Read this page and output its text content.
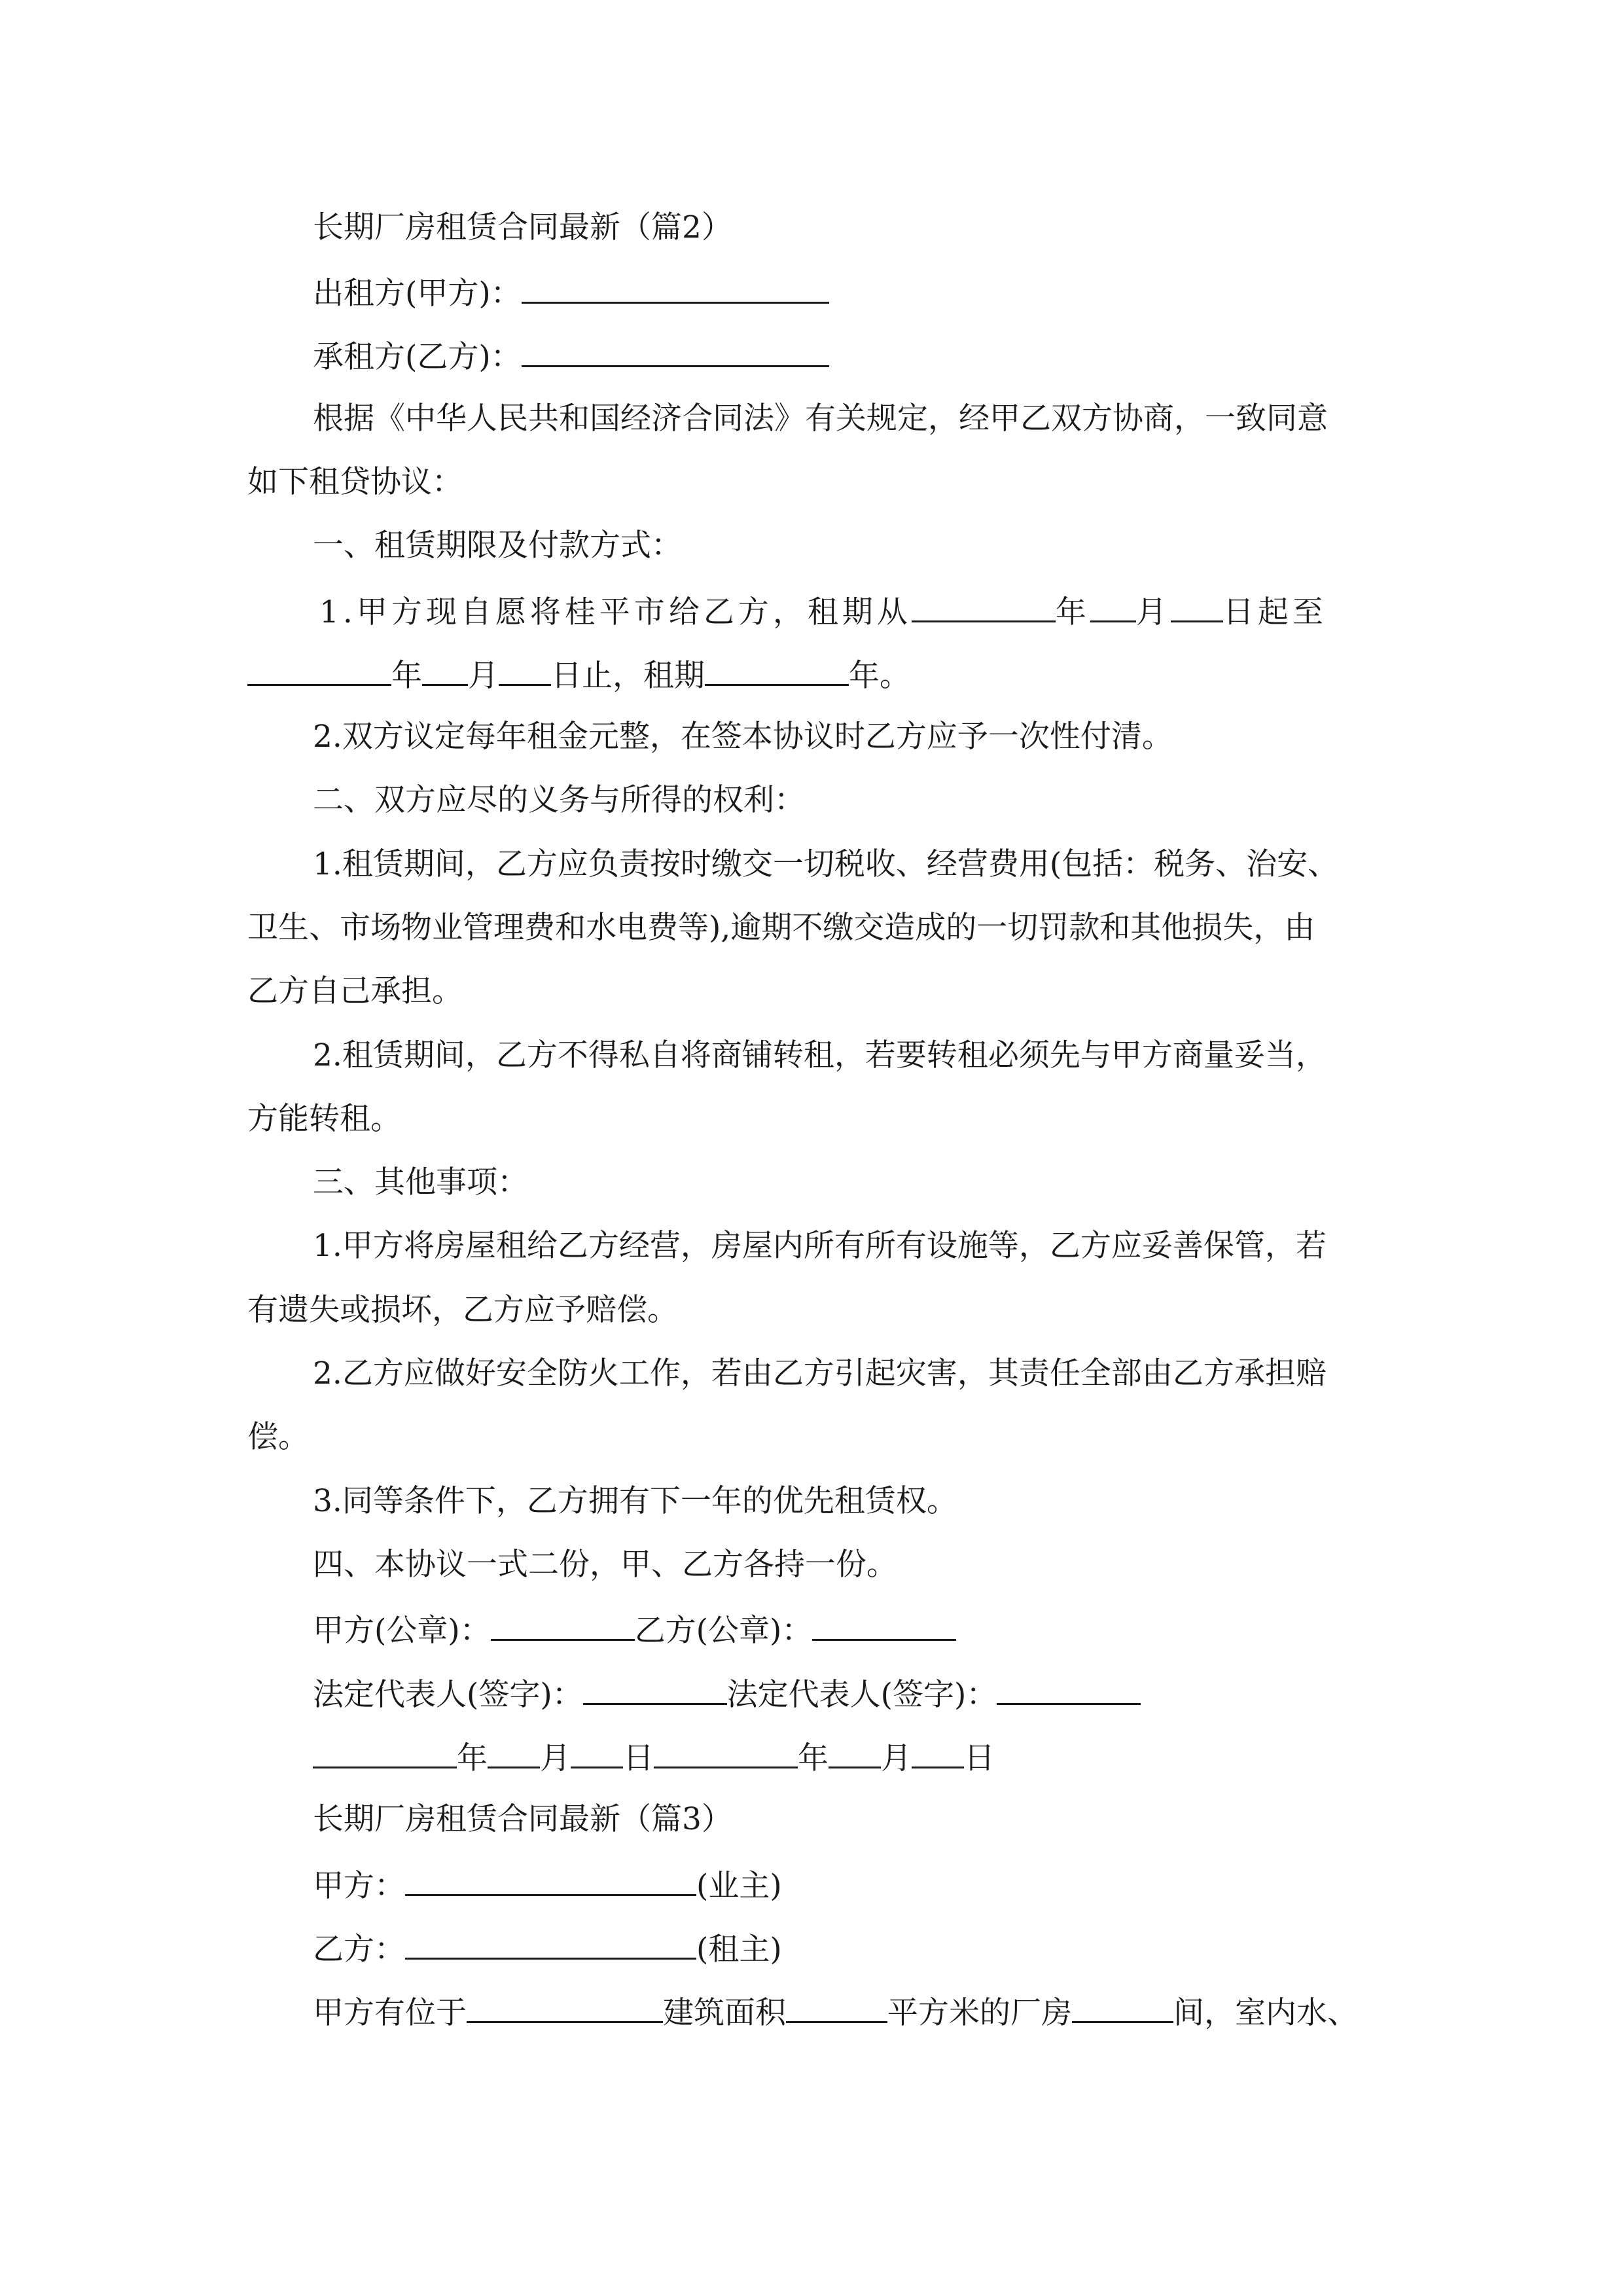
长期厂房租赁合同最新（篇2）
出租方(甲方)：
承租方(乙方)：
根据《中华人民共和国经济合同法》有关规定，经甲乙双方协商，一致同意
如下租贷协议：
一、租赁期限及付款方式：
1.甲方现自愿将桂平市给乙方，租期从	年 月 日起至
年 月 日止，租期	年。
2.双方议定每年租金元整，在签本协议时乙方应予一次性付清。
二、双方应尽的义务与所得的权利：
1.租赁期间，乙方应负责按时缴交一切税收、经营费用(包括：税务、治安、
卫生、市场物业管理费和水电费等),逾期不缴交造成的一切罚款和其他损失，由
乙方自己承担。
2.租赁期间，乙方不得私自将商铺转租，若要转租必须先与甲方商量妥当，
方能转租。
三、其他事项：
1.甲方将房屋租给乙方经营，房屋内所有所有设施等，乙方应妥善保管，若
有遗失或损坏，乙方应予赔偿。
2.乙方应做好安全防火工作，若由乙方引起灾害，其责任全部由乙方承担赔
偿。
3.同等条件下，乙方拥有下一年的优先租赁权。
四、本协议一式二份，甲、乙方各持一份。
甲方(公章)：	乙方(公章)：
法定代表人(签字)：	法定代表人(签字)：
年 月 日	年 月 日
长期厂房租赁合同最新（篇3）
甲方：	(业主)
乙方：	(租主)
甲方有位于	建筑面积	平方米的厂房	间，室内水、
